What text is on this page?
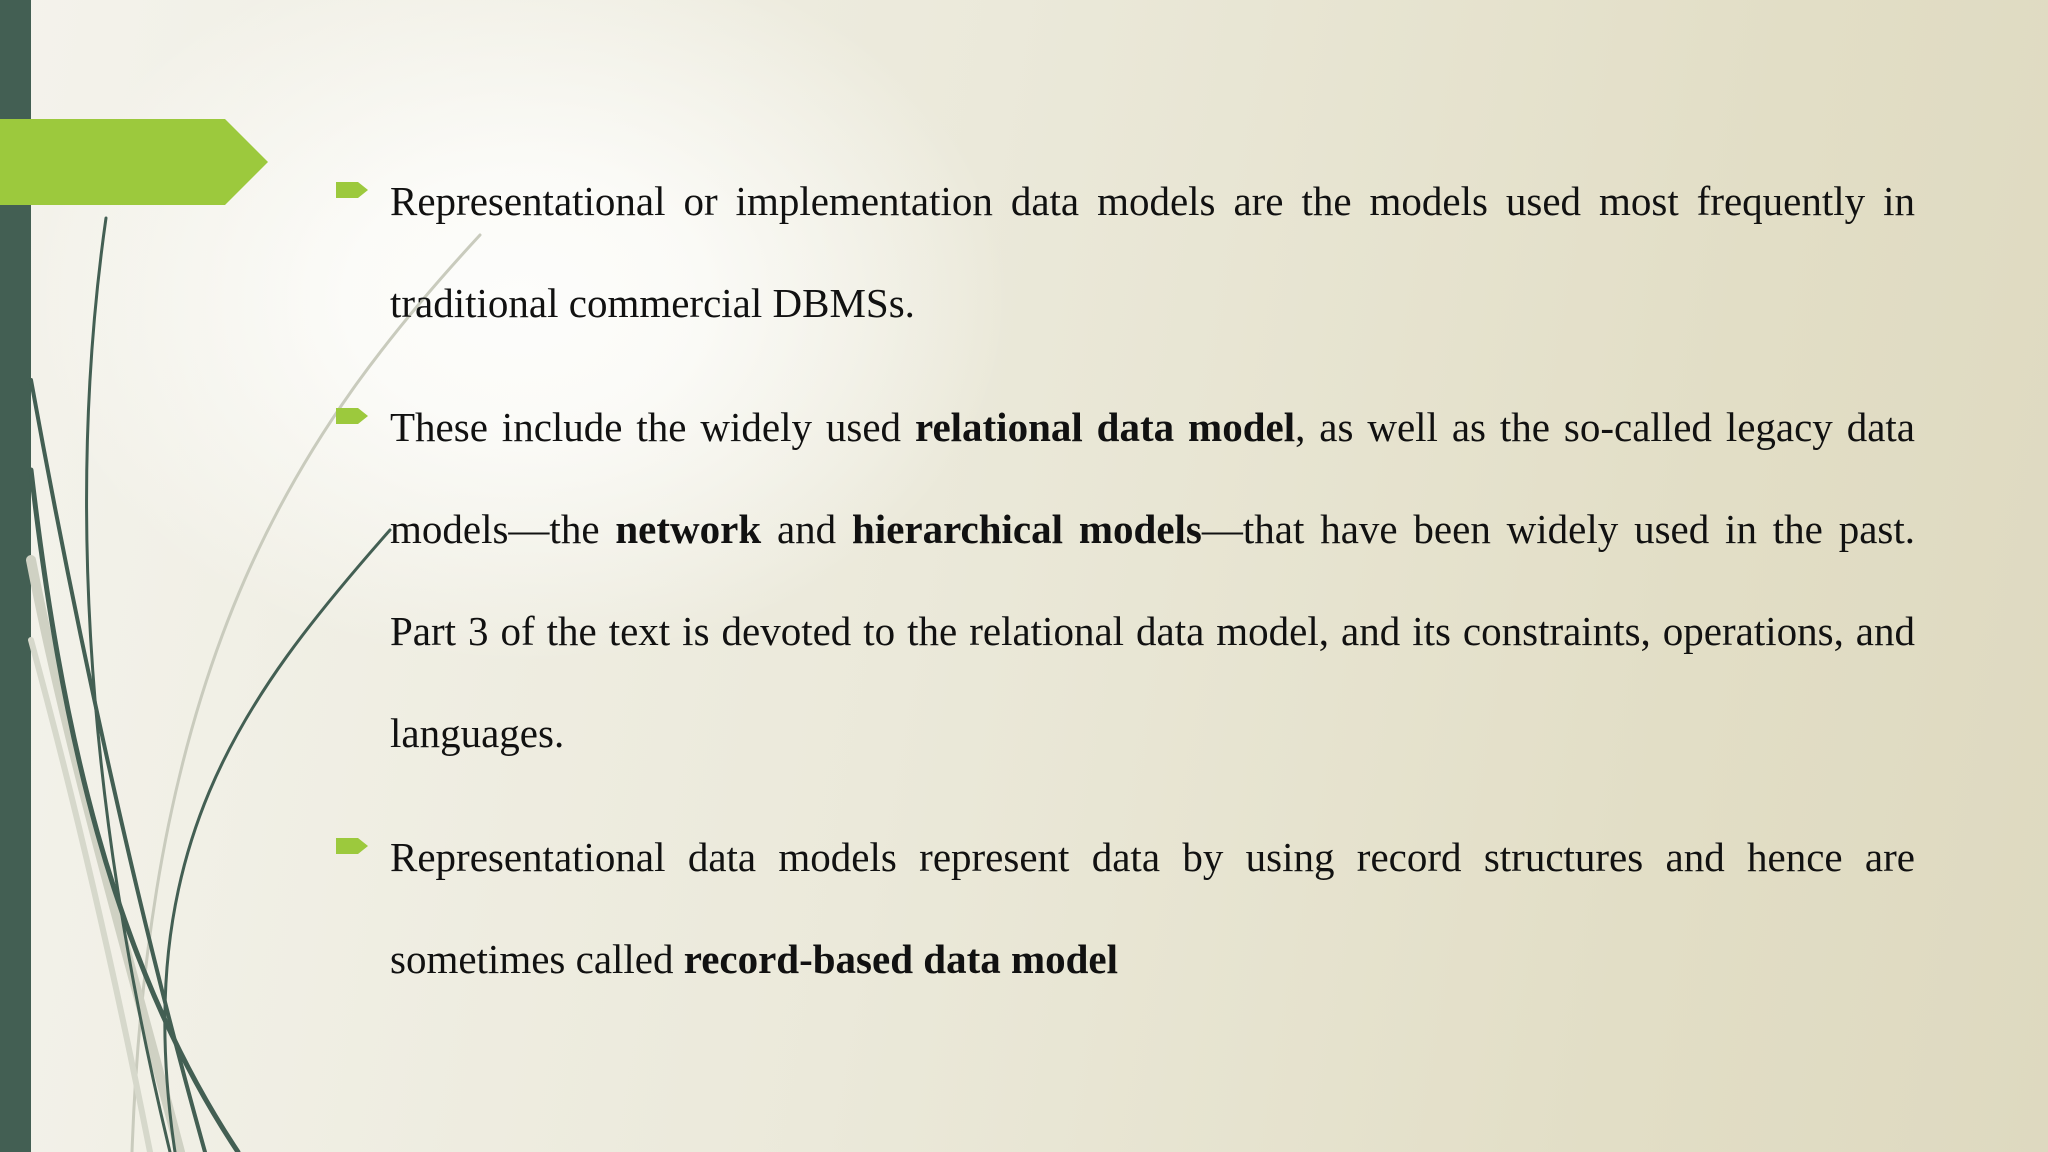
Representational or implementation data models are the models used most frequently in traditional commercial DBMSs.

These include the widely used relational data model, as well as the so-called legacy data models—the network and hierarchical models—that have been widely used in the past. Part 3 of the text is devoted to the relational data model, and its constraints, operations, and languages.

Representational data models represent data by using record structures and hence are sometimes called record-based data model
